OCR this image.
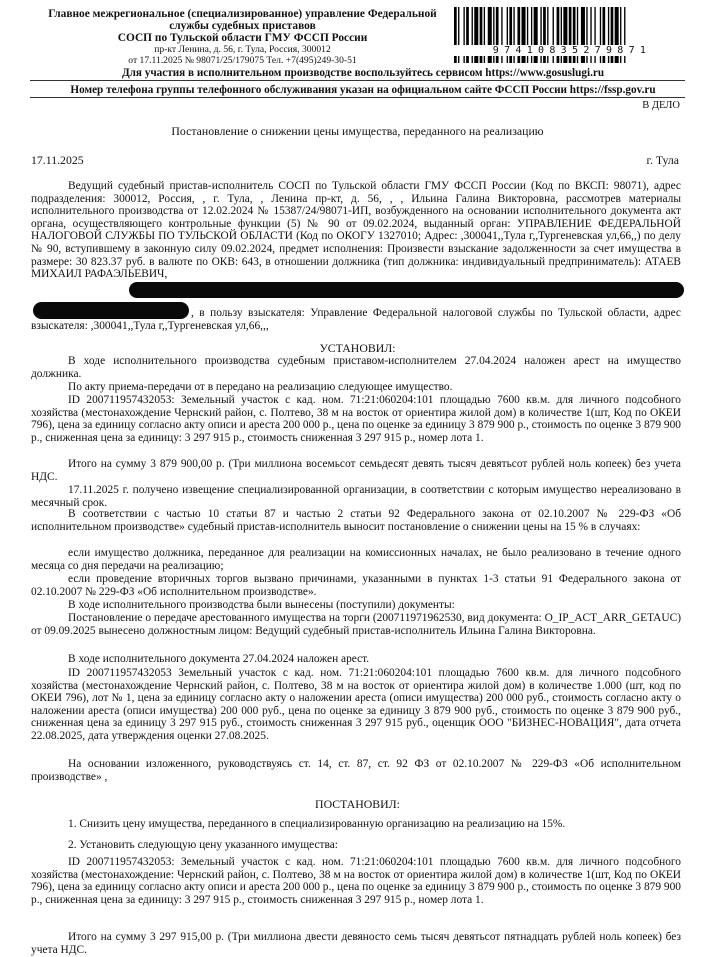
Главное межрегиональное (специализированное) управление Федеральной
службы судебных приставов
СОСП по Тульской области ГМУ ФССП России
пр-кт Ленина, д. 56, г. Тула, Россия, 300012
от 17.11.2025 № 98071/25/179075 Тел. +7(495)249-30-51
97410835279871
Для участия в исполнительном производстве воспользуйтесь сервисом https://www.gosuslugi.ru
Номер телефона группы телефонного обслуживания указан на официальном сайте ФССП России https://fssp.gov.ru
В ДЕЛО
Постановление о снижении цены имущества, переданного на реализацию
17.11.2025	г. Тула

Ведущий судебный пристав-исполнитель СОСП по Тульской области ГМУ ФССП России (Код по ВКСП: 98071), адрес подразделения: 300012, Россия, , г. Тула, , Ленина пр-кт, д. 56, , , Ильина Галина Викторовна, рассмотрев материалы исполнительного производства от 12.02.2024 № 15387/24/98071-ИП, возбужденного на основании исполнительного документа акт органа, осуществляющего контрольные функции (5) № 90 от 09.02.2024, выданный орган: УПРАВЛЕНИЕ ФЕДЕРАЛЬНОЙ НАЛОГОВОЙ СЛУЖБЫ ПО ТУЛЬСКОЙ ОБЛАСТИ (Код по ОКОГУ 1327010; Адрес: ,300041,,Тула г,,Тургеневская ул,66,,) по делу № 90, вступившему в законную силу 09.02.2024, предмет исполнения: Произвести взыскание задолженности за счет имущества в размере: 30 823.37 руб. в валюте по ОКВ: 643, в отношении должника (тип должника: индивидуальный предприниматель): АТАЕВ МИХАИЛ РАФАЭЛЬЕВИЧ,

, в пользу взыскателя: Управление Федеральной налоговой службы по Тульской области, адрес взыскателя: ,300041,,Тула г,,Тургеневская ул,66,,,

УСТАНОВИЛ:

В ходе исполнительного производства судебным приставом-исполнителем 27.04.2024 наложен арест на имущество должника.

По акту приема-передачи от в передано на реализацию следующее имущество.

ID 200711957432053: Земельный участок с кад. ном. 71:21:060204:101 площадью 7600 кв.м. для личного подсобного хозяйства (местонахождение Чернский район, с. Полтево, 38 м на восток от ориентира жилой дом) в количестве 1(шт, Код по ОКЕИ 796), цена за единицу согласно акту описи и ареста 200 000 р., цена по оценке за единицу 3 879 900 р., стоимость по оценке 3 879 900 р., сниженная цена за единицу: 3 297 915 р., стоимость сниженная 3 297 915 р., номер лота 1.

Итого на сумму 3 879 900,00 р. (Три миллиона восемьсот семьдесят девять тысяч девятьсот рублей ноль копеек) без учета НДС.

17.11.2025 г. получено извещение специализированной организации, в соответствии с которым имущество нереализовано в месячный срок.

В соответствии с частью 10 статьи 87 и частью 2 статьи 92 Федерального закона от 02.10.2007 № 229-ФЗ «Об исполнительном производстве» судебный пристав-исполнитель выносит постановление о снижении цены на 15 % в случаях:

если имущество должника, переданное для реализации на комиссионных началах, не было реализовано в течение одного месяца со дня передачи на реализацию;

если проведение вторичных торгов вызвано причинами, указанными в пунктах 1-3 статьи 91 Федерального закона от 02.10.2007 № 229-ФЗ «Об исполнительном производстве».

В ходе исполнительного производства были вынесены (поступили) документы:

Постановление о передаче арестованного имущества на торги (200711971962530, вид документа: O_IP_ACT_ARR_GETAUC) от 09.09.2025 вынесено должностным лицом: Ведущий судебный пристав-исполнитель Ильина Галина Викторовна.

В ходе исполнительного документа 27.04.2024 наложен арест.

ID 200711957432053 Земельный участок с кад. ном. 71:21:060204:101 площадью 7600 кв.м. для личного подсобного хозяйства (местонахождение Чернский район, с. Полтево, 38 м на восток от ориентира жилой дом) в количестве 1.000 (шт, код по ОКЕИ 796), лот № 1, цена за единицу согласно акту о наложении ареста (описи имущества) 200 000 руб., стоимость согласно акту о наложении ареста (описи имущества) 200 000 руб., цена по оценке за единицу 3 879 900 руб., стоимость по оценке 3 879 900 руб., сниженная цена за единицу 3 297 915 руб., стоимость сниженная 3 297 915 руб., оценщик ООО "БИЗНЕС-НОВАЦИЯ", дата отчета 22.08.2025, дата утверждения оценки 27.08.2025.

На основании изложенного, руководствуясь ст. 14, ст. 87, ст. 92 ФЗ от 02.10.2007 № 229-ФЗ «Об исполнительном производстве» ,

ПОСТАНОВИЛ:

1. Снизить цену имущества, переданного в специализированную организацию на реализацию на 15%.

2. Установить следующую цену указанного имущества:

ID 200711957432053: Земельный участок с кад. ном. 71:21:060204:101 площадью 7600 кв.м. для личного подсобного хозяйства (местонахождение: Чернский район, с. Полтево, 38 м на восток от ориентира жилой дом) в количестве 1(шт, Код по ОКЕИ 796), цена за единицу согласно акту описи и ареста 200 000 р., цена по оценке за единицу 3 879 900 р., стоимость по оценке 3 879 900 р., сниженная цена за единицу: 3 297 915 р., стоимость сниженная 3 297 915 р., номер лота 1.

Итого на сумму 3 297 915,00 р. (Три миллиона двести девяносто семь тысяч девятьсот пятнадцать рублей ноль копеек) без учета НДС.
